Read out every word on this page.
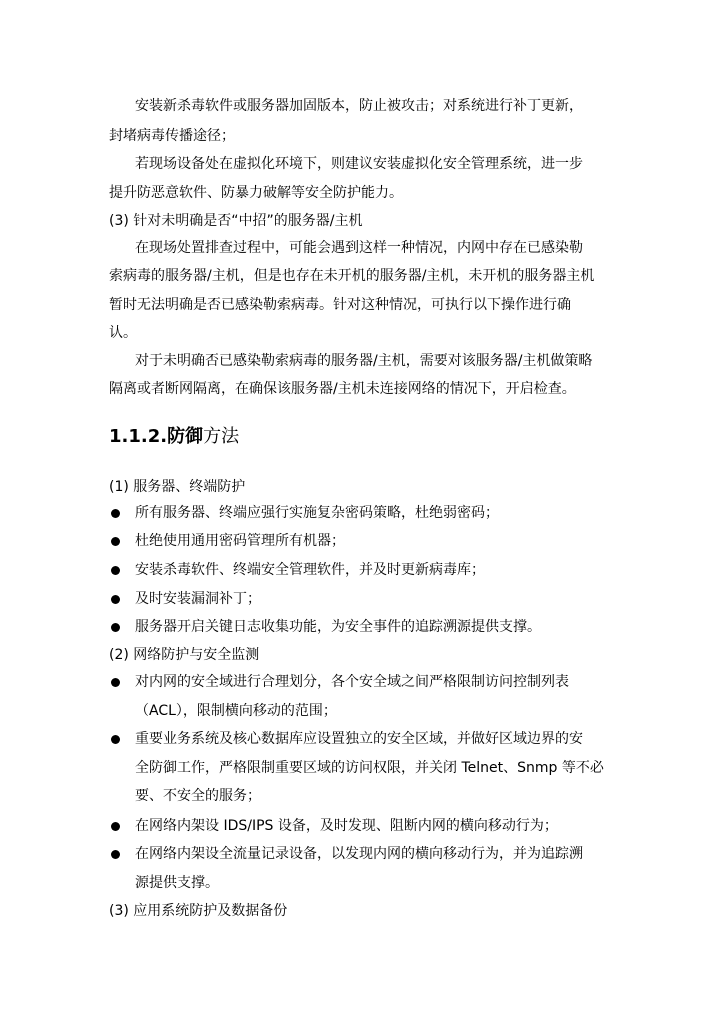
安装新杀毒软件或服务器加固版本，防止被攻击；对系统进行补丁更新，
封堵病毒传播途径；
若现场设备处在虚拟化环境下，则建议安装虚拟化安全管理系统，进一步
提升防恶意软件、防暴力破解等安全防护能力。
(3) 针对未明确是否“中招”的服务器/主机
在现场处置排查过程中，可能会遇到这样一种情况，内网中存在已感染勒
索病毒的服务器/主机，但是也存在未开机的服务器/主机，未开机的服务器主机
暂时无法明确是否已感染勒索病毒。针对这种情况，可执行以下操作进行确
认。
对于未明确否已感染勒索病毒的服务器/主机，需要对该服务器/主机做策略
隔离或者断网隔离，在确保该服务器/主机未连接网络的情况下，开启检查。
1.1.2.防御方法
(1) 服务器、终端防护
所有服务器、终端应强行实施复杂密码策略，杜绝弱密码；
杜绝使用通用密码管理所有机器；
安装杀毒软件、终端安全管理软件，并及时更新病毒库；
及时安装漏洞补丁；
服务器开启关键日志收集功能，为安全事件的追踪溯源提供支撑。
(2) 网络防护与安全监测
对内网的安全域进行合理划分，各个安全域之间严格限制访问控制列表
（ACL），限制横向移动的范围；
重要业务系统及核心数据库应设置独立的安全区域，并做好区域边界的安
全防御工作，严格限制重要区域的访问权限，并关闭 Telnet、Snmp 等不必
要、不安全的服务；
在网络内架设 IDS/IPS 设备，及时发现、阻断内网的横向移动行为；
在网络内架设全流量记录设备，以发现内网的横向移动行为，并为追踪溯
源提供支撑。
(3) 应用系统防护及数据备份
